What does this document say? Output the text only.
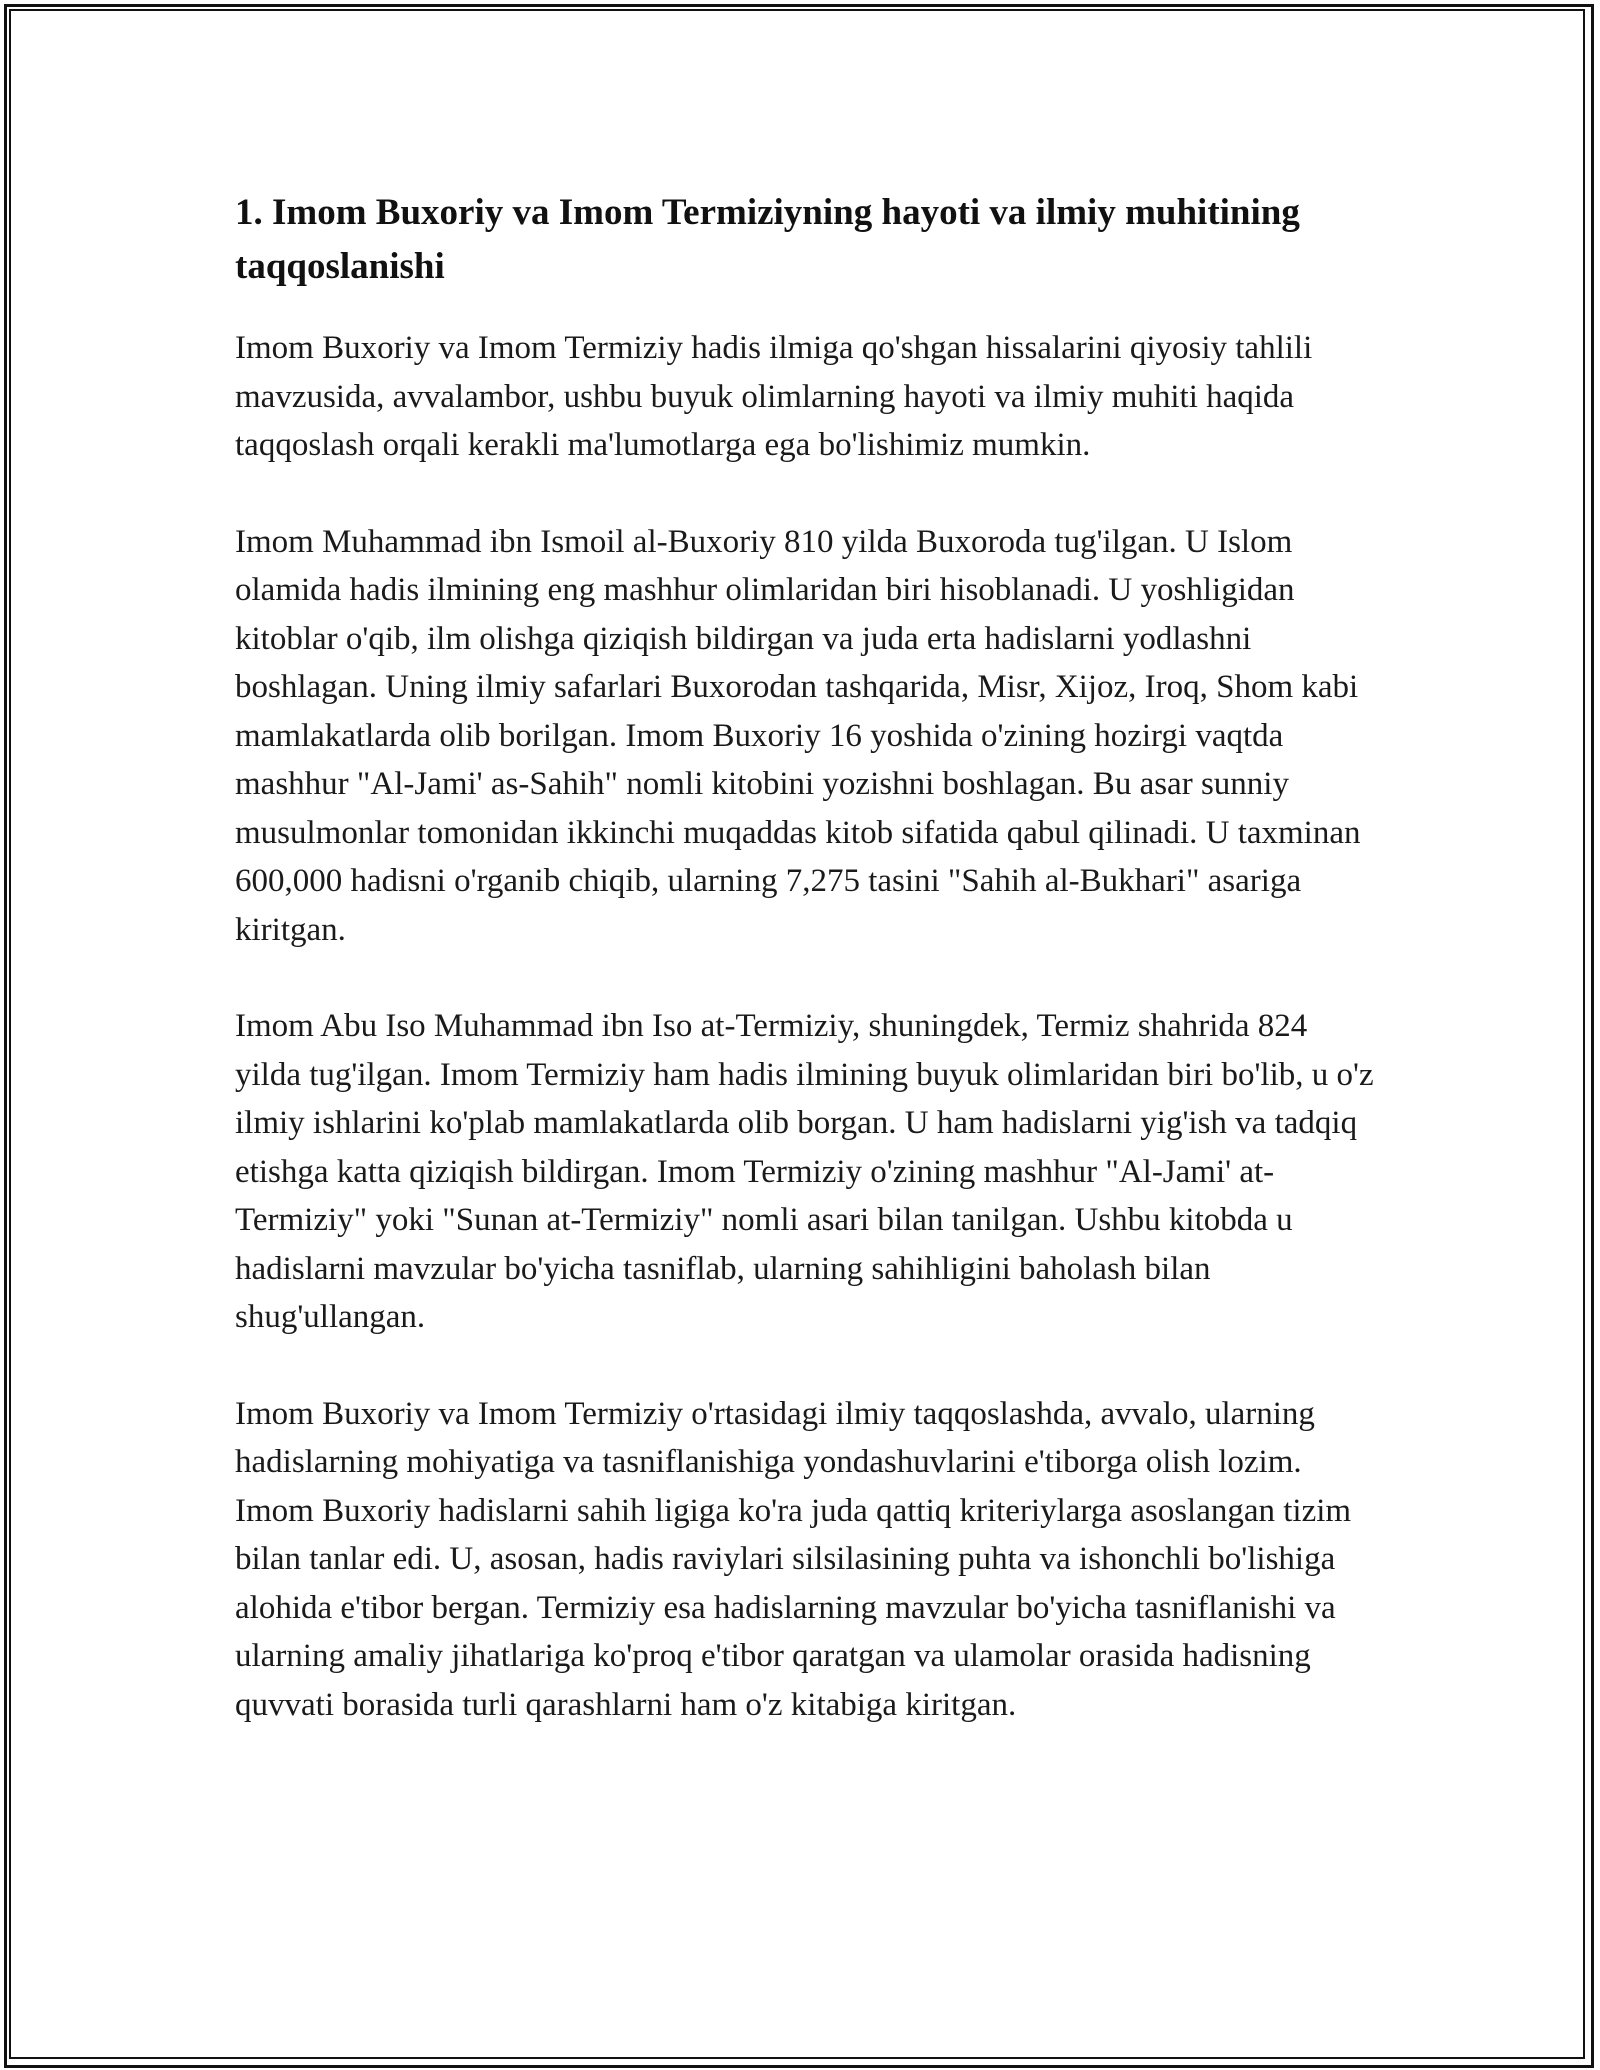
1. Imom Buxoriy va Imom Termiziyning hayoti va ilmiy muhitining taqqoslanishi

Imom Buxoriy va Imom Termiziy hadis ilmiga qo'shgan hissalarini qiyosiy tahlili mavzusida, avvalambor, ushbu buyuk olimlarning hayoti va ilmiy muhiti haqida taqqoslash orqali kerakli ma'lumotlarga ega bo'lishimiz mumkin.

Imom Muhammad ibn Ismoil al-Buxoriy 810 yilda Buxoroda tug'ilgan. U Islom olamida hadis ilmining eng mashhur olimlaridan biri hisoblanadi. U yoshligidan kitoblar o'qib, ilm olishga qiziqish bildirgan va juda erta hadislarni yodlashni boshlagan. Uning ilmiy safarlari Buxorodan tashqarida, Misr, Xijoz, Iroq, Shom kabi mamlakatlarda olib borilgan. Imom Buxoriy 16 yoshida o'zining hozirgi vaqtda mashhur "Al-Jami' as-Sahih" nomli kitobini yozishni boshlagan. Bu asar sunniy musulmonlar tomonidan ikkinchi muqaddas kitob sifatida qabul qilinadi. U taxminan 600,000 hadisni o'rganib chiqib, ularning 7,275 tasini "Sahih al-Bukhari" asariga kiritgan.

Imom Abu Iso Muhammad ibn Iso at-Termiziy, shuningdek, Termiz shahrida 824 yilda tug'ilgan. Imom Termiziy ham hadis ilmining buyuk olimlaridan biri bo'lib, u o'z ilmiy ishlarini ko'plab mamlakatlarda olib borgan. U ham hadislarni yig'ish va tadqiq etishga katta qiziqish bildirgan. Imom Termiziy o'zining mashhur "Al-Jami' at-Termiziy" yoki "Sunan at-Termiziy" nomli asari bilan tanilgan. Ushbu kitobda u hadislarni mavzular bo'yicha tasniflab, ularning sahihligini baholash bilan shug'ullangan.

Imom Buxoriy va Imom Termiziy o'rtasidagi ilmiy taqqoslashda, avvalo, ularning hadislarning mohiyatiga va tasniflanishiga yondashuvlarini e'tiborga olish lozim. Imom Buxoriy hadislarni sahih ligiga ko'ra juda qattiq kriteriylarga asoslangan tizim bilan tanlar edi. U, asosan, hadis raviylari silsilasining puhta va ishonchli bo'lishiga alohida e'tibor bergan. Termiziy esa hadislarning mavzular bo'yicha tasniflanishi va ularning amaliy jihatlariga ko'proq e'tibor qaratgan va ulamolar orasida hadisning quvvati borasida turli qarashlarni ham o'z kitabiga kiritgan.
